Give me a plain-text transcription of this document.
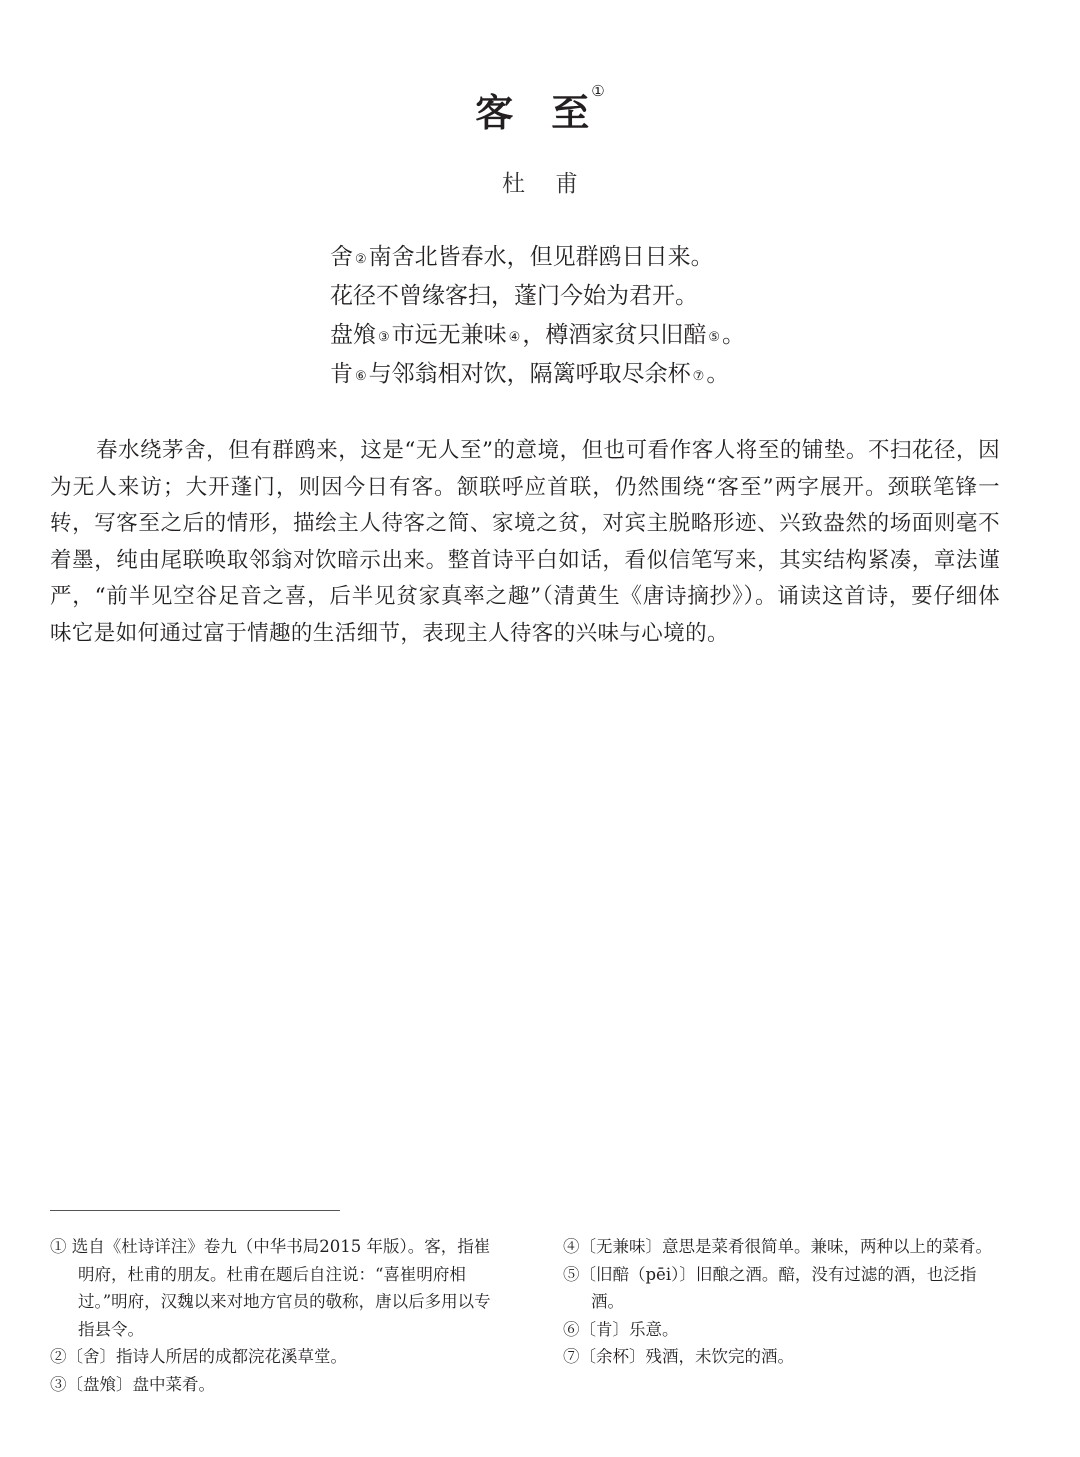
客 至 ①
杜 甫
舍 ②南舍北皆春水，但见群鸥日日来。
花径不曾缘客扫，蓬门今始为君开。
盘飧 ③市远无兼味 ④，樽酒家贫只旧醅 ⑤。
肯 ⑥与邻翁相对饮，隔篱呼取尽余杯 ⑦。
春水绕茅舍，但有群鸥来，这是“无人至”的意境，但也可看作客人将至的铺垫。不扫花径，因为无人来访；大开蓬门，则因今日有客。颔联呼应首联，仍然围绕“客至”两字展开。颈联笔锋一转，写客至之后的情形，描绘主人待客之简、家境之贫，对宾主脱略形迹、兴致盎然的场面则毫不着墨，纯由尾联唤取邻翁对饮暗示出来。整首诗平白如话，看似信笔写来，其实结构紧凑，章法谨严，“前半见空谷足音之喜，后半见贫家真率之趣”（清黄生《唐诗摘抄》）。诵读这首诗，要仔细体味它是如何通过富于情趣的生活细节，表现主人待客的兴味与心境的。
① 选自《杜诗详注》卷九（中华书局2015 年版）。客，指崔明府，杜甫的朋友。杜甫在题后自注说：“喜崔明府相过。”明府，汉魏以来对地方官员的敬称，唐以后多用以专指县令。
②〔舍〕指诗人所居的成都浣花溪草堂。
③〔盘飧〕盘中菜肴。
④〔无兼味〕意思是菜肴很简单。兼味，两种以上的菜肴。
⑤〔旧醅（pēi）〕旧酿之酒。醅，没有过滤的酒，也泛指酒。
⑥〔肯〕乐意。
⑦〔余杯〕残酒，未饮完的酒。
